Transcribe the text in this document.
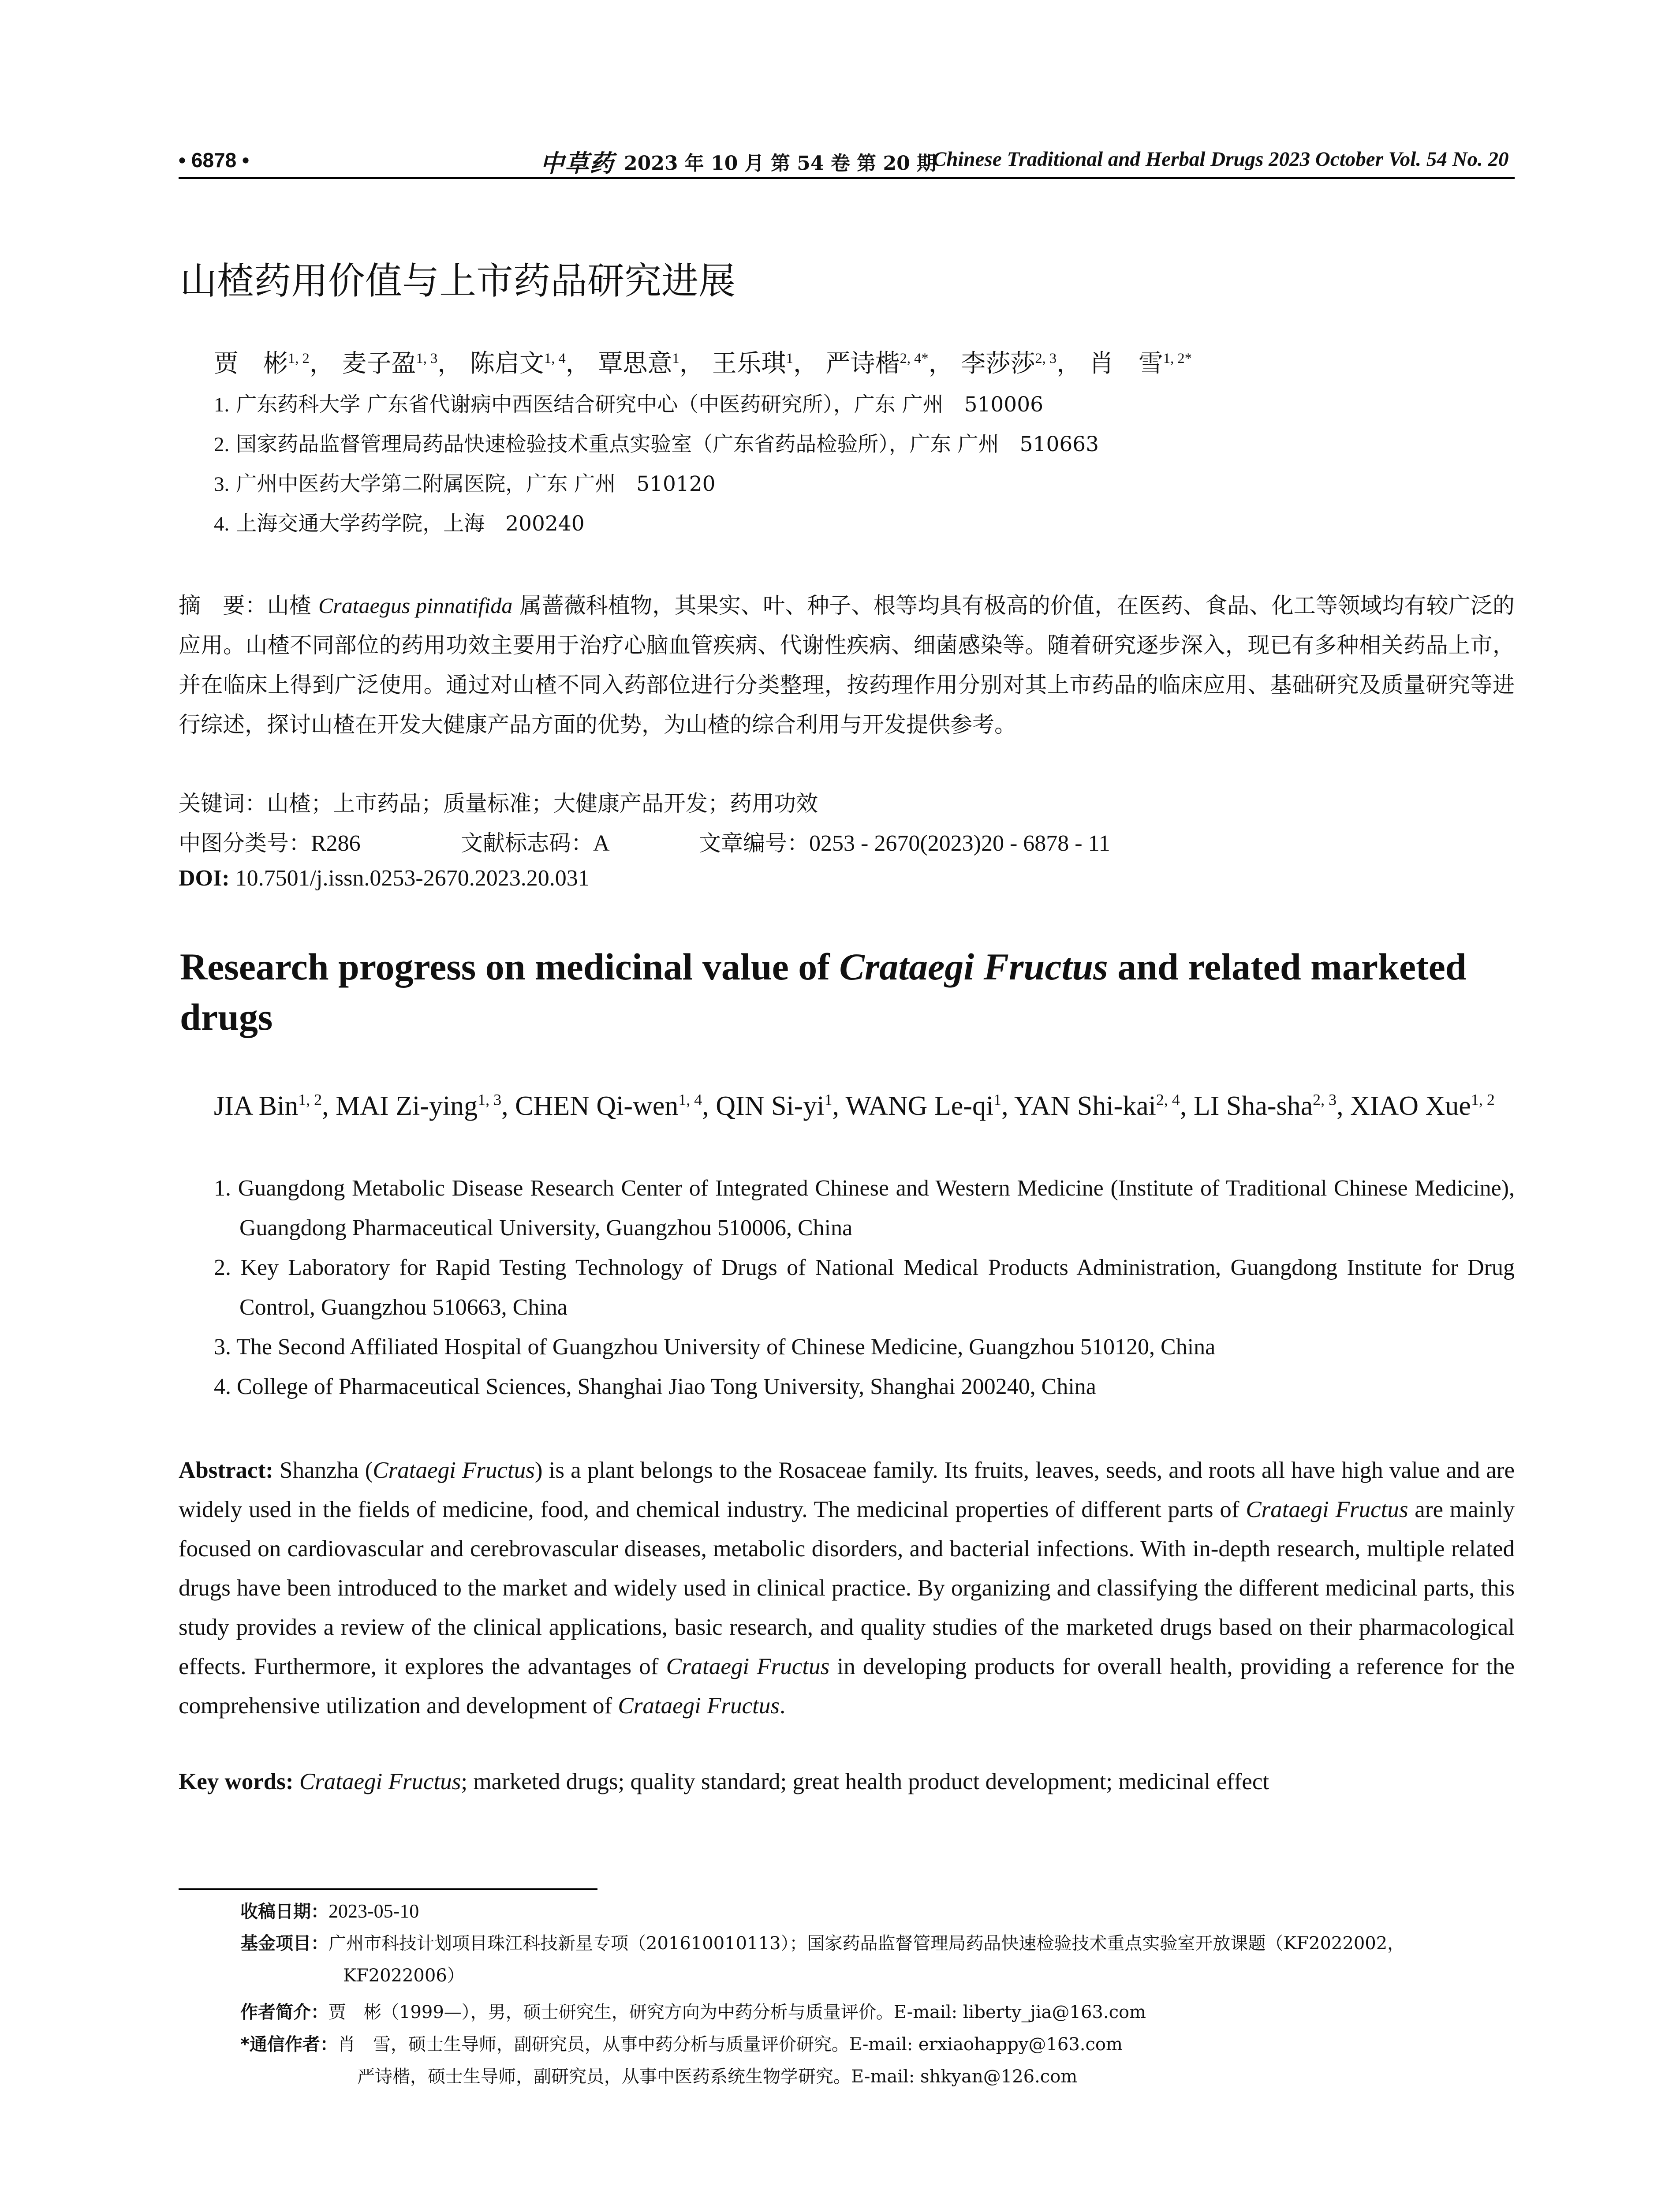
• 6878 •	中草药 2023 年 10 月 第 54 卷 第 20 期
Chinese Traditional and Herbal Drugs 2023 October Vol. 54 No. 20
山楂药用价值与上市药品研究进展
贾　彬$^{1, 2}$， 麦子盈$^{1, 3}$， 陈启文$^{1, 4}$， 覃思意$^1$， 王乐琪$^1$， 严诗楷$^{2, 4*}$， 李莎莎$^{2, 3}$， 肖　雪$^{1, 2*}$
1. 广东药科大学 广东省代谢病中西医结合研究中心（中医药研究所），广东 广州　510006
2. 国家药品监督管理局药品快速检验技术重点实验室（广东省药品检验所），广东 广州　510663
3. 广州中医药大学第二附属医院，广东 广州　510120
4. 上海交通大学药学院，上海　200240
摘　要：山楂 Crataegus pinnatifida 属蔷薇科植物，其果实、叶、种子、根等均具有极高的价值，在医药、食品、化工等领域均有较广泛的应用。山楂不同部位的药用功效主要用于治疗心脑血管疾病、代谢性疾病、细菌感染等。随着研究逐步深入，现已有多种相关药品上市，并在临床上得到广泛使用。通过对山楂不同入药部位进行分类整理，按药理作用分别对其上市药品的临床应用、基础研究及质量研究等进行综述，探讨山楂在开发大健康产品方面的优势，为山楂的综合利用与开发提供参考。
关键词：山楂；上市药品；质量标准；大健康产品开发；药用功效
中图分类号：R286	文献标志码：A	文章编号：0253 - 2670(2023)20 - 6878 - 11
DOI: 10.7501/j.issn.0253-2670.2023.20.031
Research progress on medicinal value of Crataegi Fructus and related marketed drugs
JIA Bin$^{1, 2}$, MAI Zi-ying$^{1, 3}$, CHEN Qi-wen$^{1, 4}$, QIN $Si-yi^1$, WANG $Le-qi^1$, YAN Shi-kai$^{2, 4}$, LI Sha-sha$^{2, 3}$, XIAO Xue$^{1, 2}$
1. Guangdong Metabolic Disease Research Center of Integrated Chinese and Western Medicine (Institute of Traditional Chinese Medicine), Guangdong Pharmaceutical University, Guangzhou 510006, China
2. Key Laboratory for Rapid Testing Technology of Drugs of National Medical Products Administration, Guangdong Institute for Drug Control, Guangzhou 510663, China
3. The Second Affiliated Hospital of Guangzhou University of Chinese Medicine, Guangzhou 510120, China
4. College of Pharmaceutical Sciences, Shanghai Jiao Tong University, Shanghai 200240, China
Abstract: Shanzha (Crataegi Fructus) is a plant belongs to the Rosaceae family. Its fruits, leaves, seeds, and roots all have high value and are widely used in the fields of medicine, food, and chemical industry. The medicinal properties of different parts of Crataegi Fructus are mainly focused on cardiovascular and cerebrovascular diseases, metabolic disorders, and bacterial infections. With in-depth research, multiple related drugs have been introduced to the market and widely used in clinical practice. By organizing and classifying the different medicinal parts, this study provides a review of the clinical applications, basic research, and quality studies of the marketed drugs based on their pharmacological effects. Furthermore, it explores the advantages of Crataegi Fructus in developing products for overall health, providing a reference for the comprehensive utilization and development of Crataegi Fructus.
Key words: Crataegi Fructus; marketed drugs; quality standard; great health product development; medicinal effect
收稿日期：2023-05-10
基金项目：广州市科技计划项目珠江科技新星专项（201610010113）；国家药品监督管理局药品快速检验技术重点实验室开放课题（KF2022002，
KF2022006）
作者简介：贾　彬（1999—），男，硕士研究生，研究方向为中药分析与质量评价。E-mail: liberty_jia@163.com
*通信作者：肖　雪，硕士生导师，副研究员，从事中药分析与质量评价研究。E-mail: erxiaohappy@163.com
严诗楷，硕士生导师，副研究员，从事中医药系统生物学研究。E-mail: shkyan@126.com
